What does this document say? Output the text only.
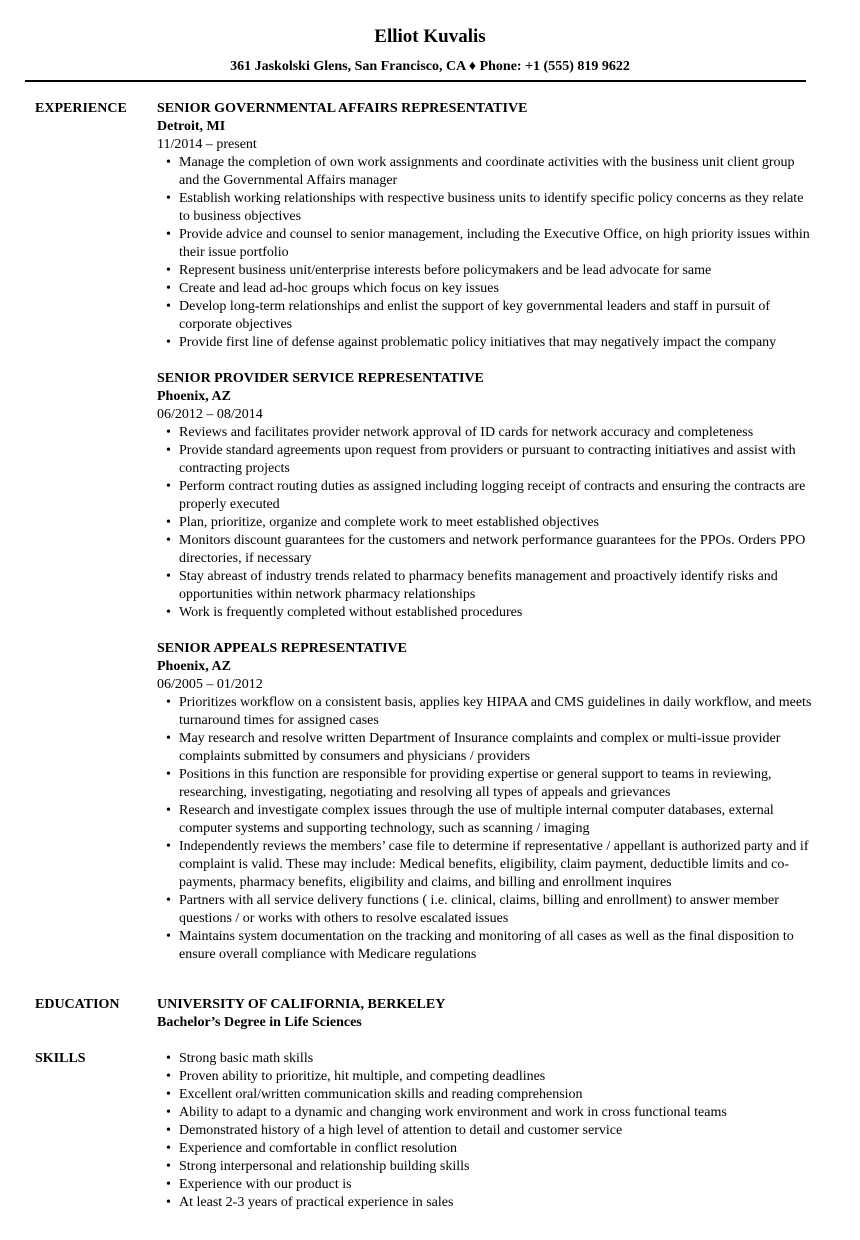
Elliot Kuvalis
361 Jaskolski Glens, San Francisco, CA ♦ Phone: +1 (555) 819 9622
EXPERIENCE	SENIOR GOVERNMENTAL AFFAIRS REPRESENTATIVE
Detroit, MI
11/2014 – present
• Manage the completion of own work assignments and coordinate activities with the business unit client group and the Governmental Affairs manager
• Establish working relationships with respective business units to identify specific policy concerns as they relate to business objectives
• Provide advice and counsel to senior management, including the Executive Office, on high priority issues within their issue portfolio
• Represent business unit/enterprise interests before policymakers and be lead advocate for same
• Create and lead ad-hoc groups which focus on key issues
• Develop long-term relationships and enlist the support of key governmental leaders and staff in pursuit of corporate objectives
• Provide first line of defense against problematic policy initiatives that may negatively impact the company
SENIOR PROVIDER SERVICE REPRESENTATIVE
Phoenix, AZ
06/2012 – 08/2014
• Reviews and facilitates provider network approval of ID cards for network accuracy and completeness
• Provide standard agreements upon request from providers or pursuant to contracting initiatives and assist with contracting projects
• Perform contract routing duties as assigned including logging receipt of contracts and ensuring the contracts are properly executed
• Plan, prioritize, organize and complete work to meet established objectives
• Monitors discount guarantees for the customers and network performance guarantees for the PPOs. Orders PPO directories, if necessary
• Stay abreast of industry trends related to pharmacy benefits management and proactively identify risks and opportunities within network pharmacy relationships
• Work is frequently completed without established procedures
SENIOR APPEALS REPRESENTATIVE
Phoenix, AZ
06/2005 – 01/2012
• Prioritizes workflow on a consistent basis, applies key HIPAA and CMS guidelines in daily workflow, and meets turnaround times for assigned cases
• May research and resolve written Department of Insurance complaints and complex or multi-issue provider complaints submitted by consumers and physicians / providers
• Positions in this function are responsible for providing expertise or general support to teams in reviewing, researching, investigating, negotiating and resolving all types of appeals and grievances
• Research and investigate complex issues through the use of multiple internal computer databases, external computer systems and supporting technology, such as scanning / imaging
• Independently reviews the members’ case file to determine if representative / appellant is authorized party and if complaint is valid. These may include: Medical benefits, eligibility, claim payment, deductible limits and co-payments, pharmacy benefits, eligibility and claims, and billing and enrollment inquires
• Partners with all service delivery functions ( i.e. clinical, claims, billing and enrollment) to answer member questions / or works with others to resolve escalated issues
• Maintains system documentation on the tracking and monitoring of all cases as well as the final disposition to ensure overall compliance with Medicare regulations
EDUCATION	UNIVERSITY OF CALIFORNIA, BERKELEY
Bachelor’s Degree in Life Sciences
SKILLS	• Strong basic math skills
• Proven ability to prioritize, hit multiple, and competing deadlines
• Excellent oral/written communication skills and reading comprehension
• Ability to adapt to a dynamic and changing work environment and work in cross functional teams
• Demonstrated history of a high level of attention to detail and customer service
• Experience and comfortable in conflict resolution
• Strong interpersonal and relationship building skills
• Experience with our product is
• At least 2-3 years of practical experience in sales
